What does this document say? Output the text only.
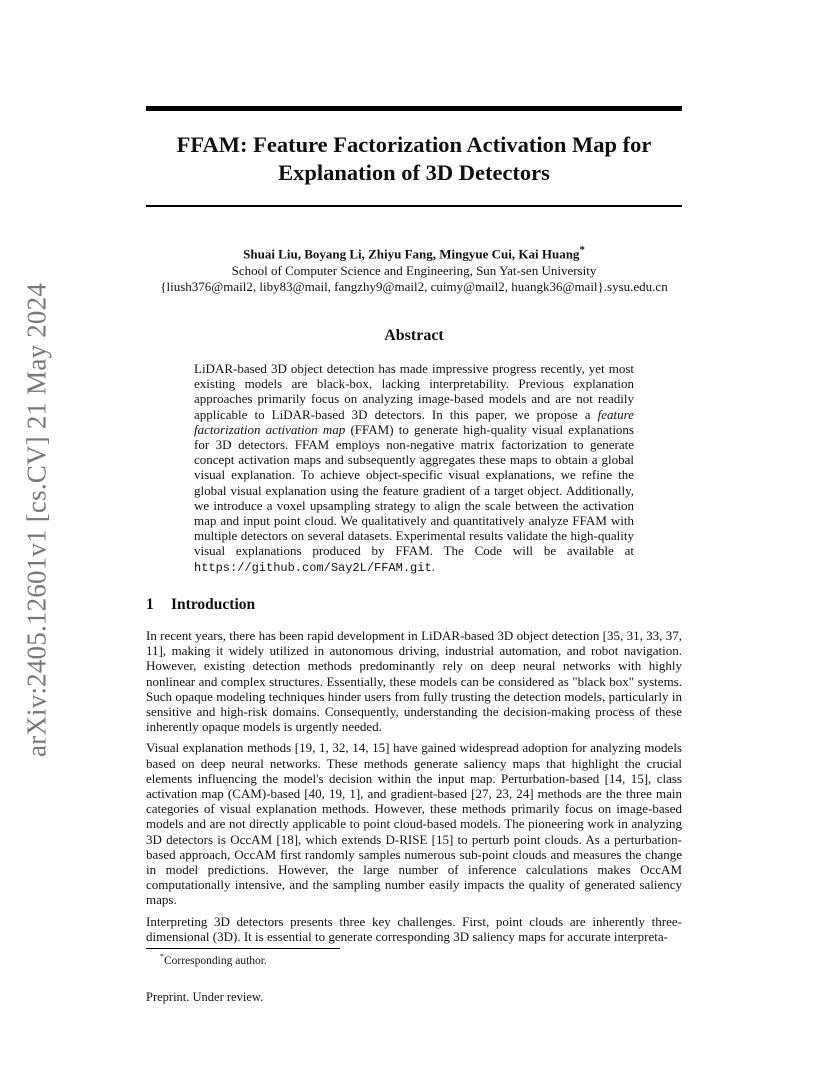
arXiv:2405.12601v1 [cs.CV] 21 May 2024
FFAM: Feature Factorization Activation Map for
Explanation of 3D Detectors
Shuai Liu, Boyang Li, Zhiyu Fang, Mingyue Cui, Kai Huang*
School of Computer Science and Engineering, Sun Yat-sen University
{liush376@mail2, liby83@mail, fangzhy9@mail2, cuimy@mail2, huangk36@mail}.sysu.edu.cn
Abstract
LiDAR-based 3D object detection has made impressive progress recently, yet most existing models are black-box, lacking interpretability. Previous explanation approaches primarily focus on analyzing image-based models and are not readily applicable to LiDAR-based 3D detectors. In this paper, we propose a feature factorization activation map (FFAM) to generate high-quality visual explanations for 3D detectors. FFAM employs non-negative matrix factorization to generate concept activation maps and subsequently aggregates these maps to obtain a global visual explanation. To achieve object-specific visual explanations, we refine the global visual explanation using the feature gradient of a target object. Additionally, we introduce a voxel upsampling strategy to align the scale between the activation map and input point cloud. We qualitatively and quantitatively analyze FFAM with multiple detectors on several datasets. Experimental results validate the high-quality visual explanations produced by FFAM. The Code will be available at https://github.com/Say2L/FFAM.git.
1 Introduction

In recent years, there has been rapid development in LiDAR-based 3D object detection [35, 31, 33, 37, 11], making it widely utilized in autonomous driving, industrial automation, and robot navigation. However, existing detection methods predominantly rely on deep neural networks with highly nonlinear and complex structures. Essentially, these models can be considered as "black box" systems. Such opaque modeling techniques hinder users from fully trusting the detection models, particularly in sensitive and high-risk domains. Consequently, understanding the decision-making process of these inherently opaque models is urgently needed.

Visual explanation methods [19, 1, 32, 14, 15] have gained widespread adoption for analyzing models based on deep neural networks. These methods generate saliency maps that highlight the crucial elements influencing the model's decision within the input map. Perturbation-based [14, 15], class activation map (CAM)-based [40, 19, 1], and gradient-based [27, 23, 24] methods are the three main categories of visual explanation methods. However, these methods primarily focus on image-based models and are not directly applicable to point cloud-based models. The pioneering work in analyzing 3D detectors is OccAM [18], which extends D-RISE [15] to perturb point clouds. As a perturbation-based approach, OccAM first randomly samples numerous sub-point clouds and measures the change in model predictions. However, the large number of inference calculations makes OccAM computationally intensive, and the sampling number easily impacts the quality of generated saliency maps.

Interpreting 3D detectors presents three key challenges. First, point clouds are inherently three-dimensional (3D). It is essential to generate corresponding 3D saliency maps for accurate interpreta-

*Corresponding author.
Preprint. Under review.
